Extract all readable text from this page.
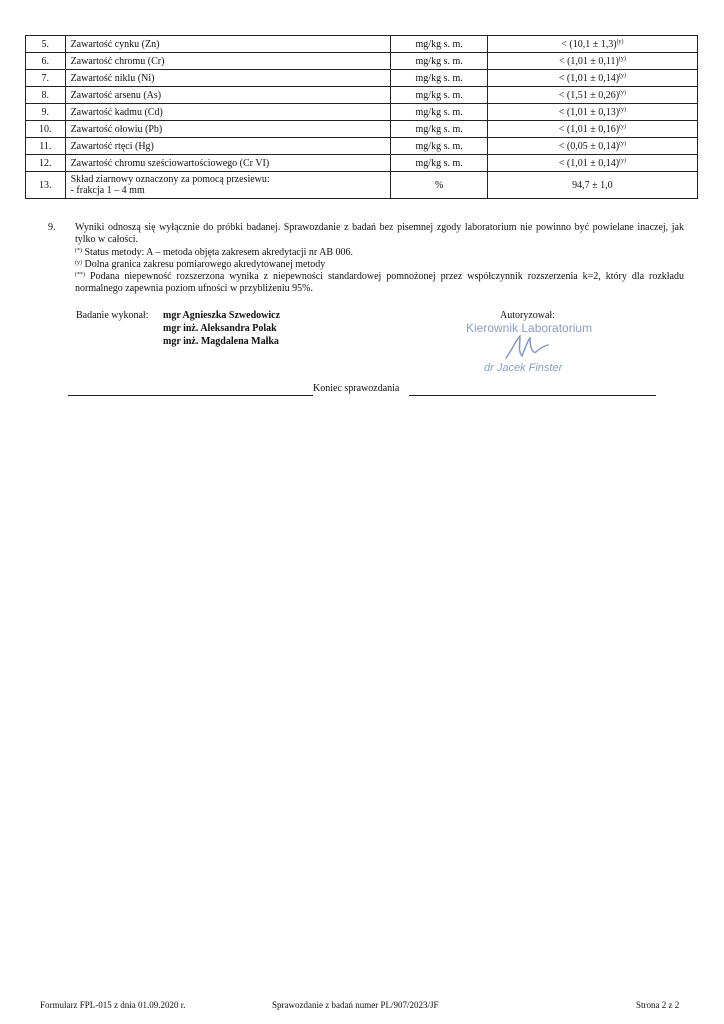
5.	Zawartość cynku (Zn)	mg/kg s. m.	< $(10,1 \pm 1,3)^{(y)}$
6.	Zawartość chromu (Cr)	mg/kg s. m.	< $(1,01 \pm 0,11)^{(y)}$
7.	Zawartość niklu (Ni)	mg/kg s. m.	< $(1,01 \pm 0,14)^{(y)}$
8.	Zawartość arsenu (As)	mg/kg s. m.	< $(1,51 \pm 0,26)^{(y)}$
9.	Zawartość kadmu (Cd)	mg/kg s. m.	< $(1,01 \pm 0,13)^{(y)}$
10.	Zawartość ołowiu (Pb)	mg/kg s. m.	< $(1,01 \pm 0,16)^{(y)}$
11.	Zawartość rtęci (Hg)	mg/kg s. m.	< $(0,05 \pm 0,14)^{(y)}$
12.	Zawartość chromu sześciowartościowego (Cr VI)	mg/kg s. m.	< $(1,01 \pm 0,14)^{(y)}$
13.	Skład ziarnowy oznaczony za pomocą przesiewu:
- frakcja 1 – 4 mm	%	94,7 ± 1,0
9. Wyniki odnoszą się wyłącznie do próbki badanej. Sprawozdanie z badań bez pisemnej zgody laboratorium nie powinno być powielane inaczej, jak tylko w całości.

(*) Status metody: A – metoda objęta zakresem akredytacji nr AB 006.

$^{(y)}$ Dolna granica zakresu pomiarowego akredytowanej metody

(**) Podana niepewność rozszerzona wynika z niepewności standardowej pomnożonej przez współczynnik rozszerzenia k=2, który dla rozkładu normalnego zapewnia poziom ufności w przybliżeniu 95%.

Badanie wykonał: mgr Agnieszka Szwedowicz
mgr inż. Aleksandra Polak
mgr inż. Magdalena Małka
Autoryzował:
Kierownik Laboratorium
dr Jacek Finster
Koniec sprawozdania
Formularz FPL-015 z dnia 01.09.2020 r.	Sprawozdanie z badań numer PL/907/2023/JF	Strona 2 z 2
